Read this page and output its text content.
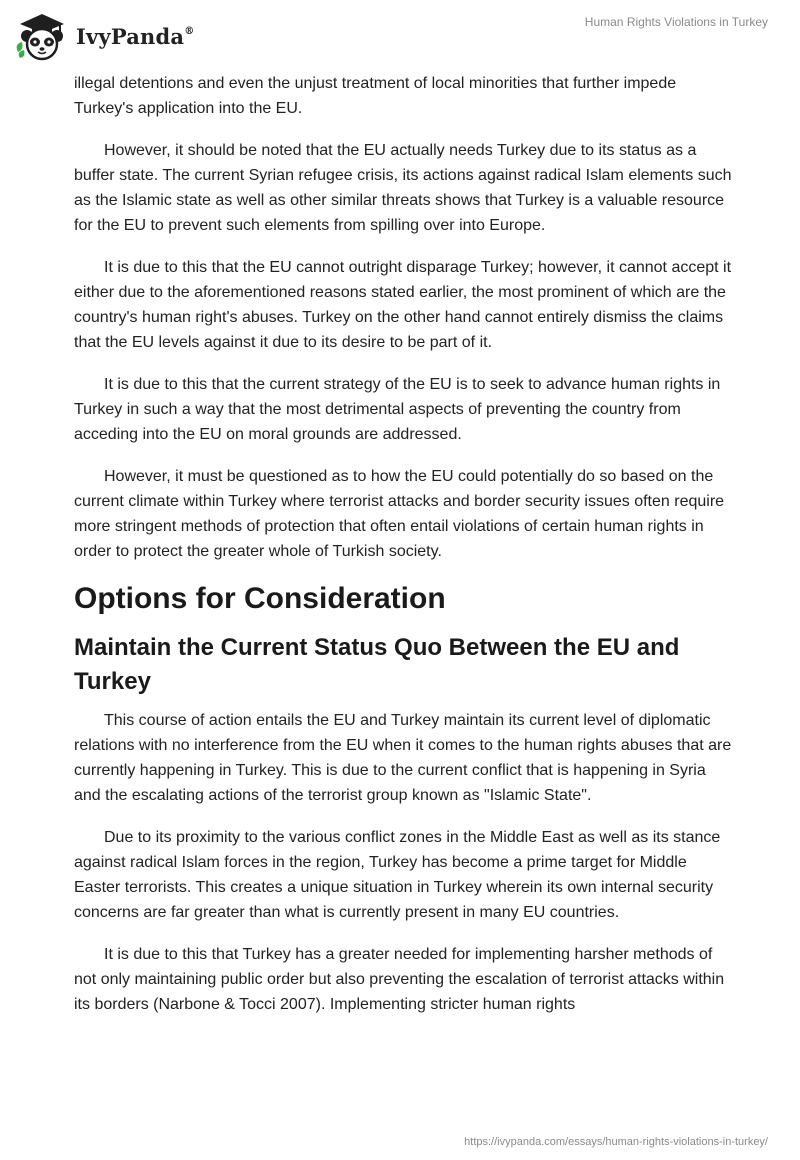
IvyPanda®
Human Rights Violations in Turkey

illegal detentions and even the unjust treatment of local minorities that further impede Turkey's application into the EU.

However, it should be noted that the EU actually needs Turkey due to its status as a buffer state. The current Syrian refugee crisis, its actions against radical Islam elements such as the Islamic state as well as other similar threats shows that Turkey is a valuable resource for the EU to prevent such elements from spilling over into Europe.

It is due to this that the EU cannot outright disparage Turkey; however, it cannot accept it either due to the aforementioned reasons stated earlier, the most prominent of which are the country's human right's abuses. Turkey on the other hand cannot entirely dismiss the claims that the EU levels against it due to its desire to be part of it.

It is due to this that the current strategy of the EU is to seek to advance human rights in Turkey in such a way that the most detrimental aspects of preventing the country from acceding into the EU on moral grounds are addressed.

However, it must be questioned as to how the EU could potentially do so based on the current climate within Turkey where terrorist attacks and border security issues often require more stringent methods of protection that often entail violations of certain human rights in order to protect the greater whole of Turkish society.

Options for Consideration
Maintain the Current Status Quo Between the EU and Turkey

This course of action entails the EU and Turkey maintain its current level of diplomatic relations with no interference from the EU when it comes to the human rights abuses that are currently happening in Turkey. This is due to the current conflict that is happening in Syria and the escalating actions of the terrorist group known as "Islamic State".

Due to its proximity to the various conflict zones in the Middle East as well as its stance against radical Islam forces in the region, Turkey has become a prime target for Middle Easter terrorists. This creates a unique situation in Turkey wherein its own internal security concerns are far greater than what is currently present in many EU countries.

It is due to this that Turkey has a greater needed for implementing harsher methods of not only maintaining public order but also preventing the escalation of terrorist attacks within its borders (Narbone & Tocci 2007). Implementing stricter human rights

https://ivypanda.com/essays/human-rights-violations-in-turkey/
